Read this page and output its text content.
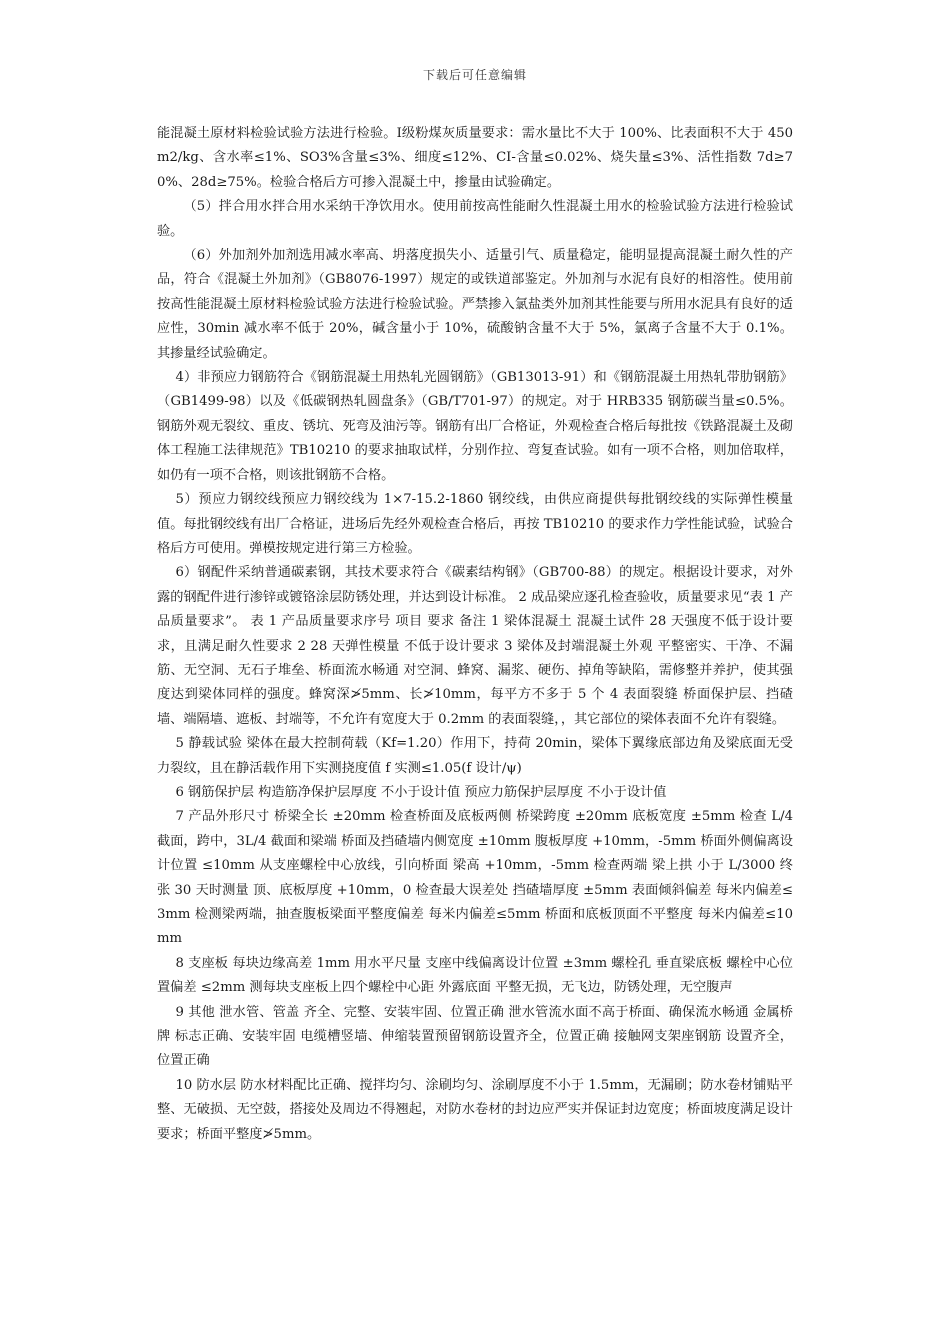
下载后可任意编辑

能混凝土原材料检验试验方法进行检验。Ⅰ级粉煤灰质量要求：需水量比不大于 100%、比表面积不大于 450m2/kg、含水率≤1%、SO3%含量≤3%、细度≤12%、CI-含量≤0.02%、烧失量≤3%、活性指数 7d≥70%、28d≥75%。检验合格后方可掺入混凝土中，掺量由试验确定。

（5）拌合用水拌合用水采纳干净饮用水。使用前按高性能耐久性混凝土用水的检验试验方法进行检验试验。

（6）外加剂外加剂选用减水率高、坍落度损失小、适量引气、质量稳定，能明显提高混凝土耐久性的产品，符合《混凝土外加剂》（GB8076-1997）规定的或铁道部鉴定。外加剂与水泥有良好的相溶性。使用前按高性能混凝土原材料检验试验方法进行检验试验。严禁掺入氯盐类外加剂其性能要与所用水泥具有良好的适应性，30min 减水率不低于 20%，碱含量小于 10%，硫酸钠含量不大于 5%，氯离子含量不大于 0.1%。其掺量经试验确定。

4）非预应力钢筋符合《钢筋混凝土用热轧光圆钢筋》（GB13013-91）和《钢筋混凝土用热轧带肋钢筋》（GB1499-98）以及《低碳钢热轧圆盘条》（GB/T701-97）的规定。对于 HRB335 钢筋碳当量≤0.5%。钢筋外观无裂纹、重皮、锈坑、死弯及油污等。钢筋有出厂合格证，外观检查合格后每批按《铁路混凝土及砌体工程施工法律规范》TB10210 的要求抽取试样，分别作拉、弯复查试验。如有一项不合格，则加倍取样，如仍有一项不合格，则该批钢筋不合格。

5）预应力钢绞线预应力钢绞线为 1×7-15.2-1860 钢绞线，由供应商提供每批钢绞线的实际弹性模量值。每批钢绞线有出厂合格证，进场后先经外观检查合格后，再按 TB10210 的要求作力学性能试验，试验合格后方可使用。弹模按规定进行第三方检验。

6）钢配件采纳普通碳素钢，其技术要求符合《碳素结构钢》（GB700-88）的规定。根据设计要求，对外露的钢配件进行渗锌或镀铬涂层防锈处理，并达到设计标准。 2 成品梁应逐孔检查验收，质量要求见“表 1 产品质量要求”。 表 1 产品质量要求序号 项目 要求 备注 1 梁体混凝土 混凝土试件 28 天强度不低于设计要求，且满足耐久性要求 2 28 天弹性模量 不低于设计要求 3 梁体及封端混凝土外观 平整密实、干净、不漏筋、无空洞、无石子堆垒、桥面流水畅通 对空洞、蜂窝、漏浆、硬伤、掉角等缺陷，需修整并养护，使其强度达到梁体同样的强度。蜂窝深≯5mm、长≯10mm，每平方不多于 5 个 4 表面裂缝 桥面保护层、挡碴墙、端隔墙、遮板、封端等，不允许有宽度大于 0.2mm 的表面裂缝，，其它部位的梁体表面不允许有裂缝。

5 静载试验 梁体在最大控制荷载（Kf=1.20）作用下，持荷 20min，梁体下翼缘底部边角及梁底面无受力裂纹，且在静活载作用下实测挠度值 f 实测≤1.05(f 设计/ψ)

6 钢筋保护层 构造筋净保护层厚度 不小于设计值 预应力筋保护层厚度 不小于设计值

7 产品外形尺寸 桥梁全长 ±20mm 检查桥面及底板两侧 桥梁跨度 ±20mm 底板宽度 ±5mm 检查 L/4 截面，跨中，3L/4 截面和梁端 桥面及挡碴墙内侧宽度 ±10mm 腹板厚度 +10mm，-5mm 桥面外侧偏离设计位置 ≤10mm 从支座螺栓中心放线，引向桥面 梁高 +10mm，-5mm 检查两端 梁上拱 小于 L/3000 终张 30 天时测量 顶、底板厚度 +10mm，0 检查最大误差处 挡碴墙厚度 ±5mm 表面倾斜偏差 每米内偏差≤3mm 检测梁两端，抽查腹板梁面平整度偏差 每米内偏差≤5mm 桥面和底板顶面不平整度 每米内偏差≤10mm

8 支座板 每块边缘高差 1mm 用水平尺量 支座中线偏离设计位置 ±3mm 螺栓孔 垂直梁底板 螺栓中心位置偏差 ≤2mm 测每块支座板上四个螺栓中心距 外露底面 平整无损，无飞边，防锈处理，无空腹声

9 其他 泄水管、管盖 齐全、完整、安装牢固、位置正确 泄水管流水面不高于桥面、确保流水畅通 金属桥牌 标志正确、安装牢固 电缆槽竖墙、伸缩装置预留钢筋设置齐全，位置正确 接触网支架座钢筋 设置齐全，位置正确

10 防水层 防水材料配比正确、搅拌均匀、涂刷均匀、涂刷厚度不小于 1.5mm，无漏刷；防水卷材铺贴平整、无破损、无空鼓，搭接处及周边不得翘起，对防水卷材的封边应严实并保证封边宽度；桥面坡度满足设计要求；桥面平整度≯5mm。
